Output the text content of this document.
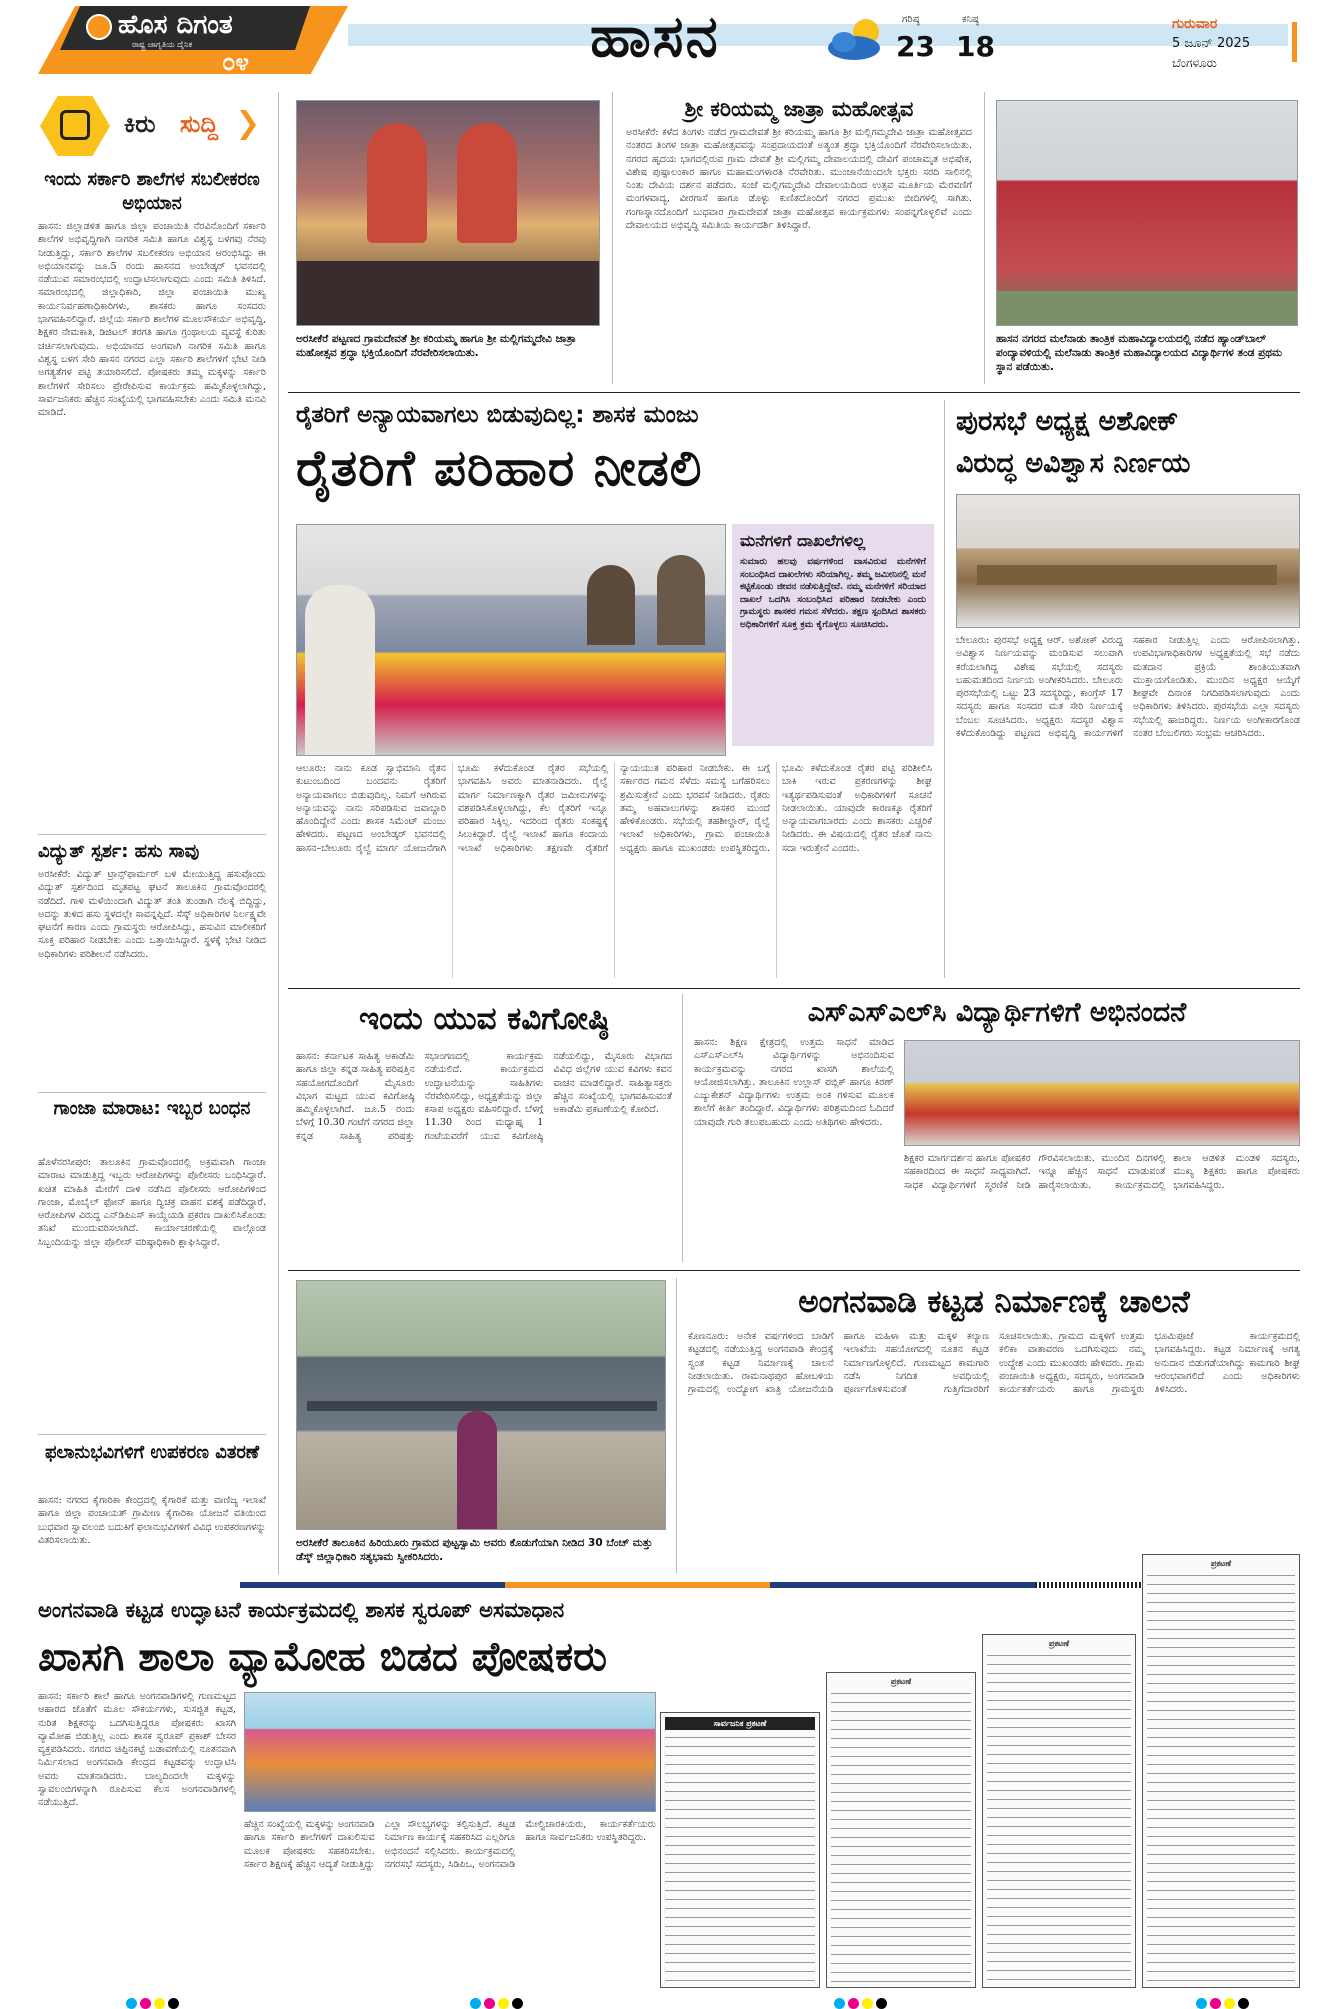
ಹೊಸ ದಿಗಂತ
ರಾಷ್ಟ್ರ ಜಾಗೃತಿಯ ದೈನಿಕ
೦೪	ಹಾಸನ	ಗರಿಷ್ಠ
23
ಕನಿಷ್ಠ
18
ಗುರುವಾರ
5 ಜೂನ್ 2025
ಬೆಂಗಳೂರು
ಕಿರು ಸುದ್ದಿ
ಇಂದು ಸರ್ಕಾರಿ ಶಾಲೆಗಳ ಸಬಲೀಕರಣ ಅಭಿಯಾನ
ಹಾಸನ: ಜಿಲ್ಲಾಡಳಿತ ಹಾಗೂ ಜಿಲ್ಲಾ ಪಂಚಾಯಿತಿ ನೆರವಿನೊಂದಿಗೆ ಸರ್ಕಾರಿ ಶಾಲೆಗಳ ಅಭಿವೃದ್ಧಿಗಾಗಿ ನಾಗರಿಕ ಸಮಿತಿ ಹಾಗೂ ವಿಶ್ವಸ್ಥ ಬಳಗವು ನೆರವು ನೀಡುತ್ತಿದ್ದು, ಸರ್ಕಾರಿ ಶಾಲೆಗಳ ಸಬಲೀಕರಣ ಅಭಿಯಾನ ಆರಂಭಿಸಿದ್ದು ಈ ಅಭಿಯಾನವನ್ನು ಜೂ.5 ರಂದು ಹಾಸನದ ಅಂಬೇಡ್ಕರ್ ಭವನದಲ್ಲಿ ನಡೆಯುವ ಸಮಾರಂಭದಲ್ಲಿ ಉದ್ಘಾಟಿಸಲಾಗುವುದು ಎಂದು ಸಮಿತಿ ತಿಳಿಸಿದೆ. ಸಮಾರಂಭದಲ್ಲಿ ಜಿಲ್ಲಾಧಿಕಾರಿ, ಜಿಲ್ಲಾ ಪಂಚಾಯಿತಿ ಮುಖ್ಯ ಕಾರ್ಯನಿರ್ವಹಣಾಧಿಕಾರಿಗಳು, ಶಾಸಕರು ಹಾಗೂ ಸಂಸದರು ಭಾಗವಹಿಸಲಿದ್ದಾರೆ. ಜಿಲ್ಲೆಯ ಸರ್ಕಾರಿ ಶಾಲೆಗಳ ಮೂಲಸೌಕರ್ಯ ಅಭಿವೃದ್ಧಿ, ಶಿಕ್ಷಕರ ನೇಮಕಾತಿ, ಡಿಜಿಟಲ್ ತರಗತಿ ಹಾಗೂ ಗ್ರಂಥಾಲಯ ವ್ಯವಸ್ಥೆ ಕುರಿತು ಚರ್ಚಿಸಲಾಗುವುದು. ಅಭಿಯಾನದ ಅಂಗವಾಗಿ ನಾಗರಿಕ ಸಮಿತಿ ಹಾಗೂ ವಿಶ್ವಸ್ಥ ಬಳಗ ಸೇರಿ ಹಾಸನ ನಗರದ ಎಲ್ಲಾ ಸರ್ಕಾರಿ ಶಾಲೆಗಳಿಗೆ ಭೇಟಿ ನೀಡಿ ಅಗತ್ಯತೆಗಳ ಪಟ್ಟಿ ತಯಾರಿಸಲಿದೆ. ಪೋಷಕರು ತಮ್ಮ ಮಕ್ಕಳನ್ನು ಸರ್ಕಾರಿ ಶಾಲೆಗಳಿಗೆ ಸೇರಿಸಲು ಪ್ರೇರೇಪಿಸುವ ಕಾರ್ಯಕ್ರಮ ಹಮ್ಮಿಕೊಳ್ಳಲಾಗಿದ್ದು, ಸಾರ್ವಜನಿಕರು ಹೆಚ್ಚಿನ ಸಂಖ್ಯೆಯಲ್ಲಿ ಭಾಗವಹಿಸಬೇಕು ಎಂದು ಸಮಿತಿ ಮನವಿ ಮಾಡಿದೆ.
ವಿದ್ಯುತ್ ಸ್ಪರ್ಶ: ಹಸು ಸಾವು
ಅರಸೀಕೆರೆ: ವಿದ್ಯುತ್ ಟ್ರಾನ್ಸ್‌ಫಾರ್ಮರ್ ಬಳಿ ಮೇಯುತ್ತಿದ್ದ ಹಸುವೊಂದು ವಿದ್ಯುತ್ ಸ್ಪರ್ಶದಿಂದ ಮೃತಪಟ್ಟ ಘಟನೆ ತಾಲೂಕಿನ ಗ್ರಾಮವೊಂದರಲ್ಲಿ ನಡೆದಿದೆ. ಗಾಳಿ ಮಳೆಯಿಂದಾಗಿ ವಿದ್ಯುತ್ ತಂತಿ ತುಂಡಾಗಿ ನೆಲಕ್ಕೆ ಬಿದ್ದಿದ್ದು, ಅದನ್ನು ತುಳಿದ ಹಸು ಸ್ಥಳದಲ್ಲೇ ಸಾವನ್ನಪ್ಪಿದೆ. ಸೆಸ್ಕ್ ಅಧಿಕಾರಿಗಳ ನಿರ್ಲಕ್ಷ್ಯವೇ ಘಟನೆಗೆ ಕಾರಣ ಎಂದು ಗ್ರಾಮಸ್ಥರು ಆರೋಪಿಸಿದ್ದು, ಹಸುವಿನ ಮಾಲೀಕರಿಗೆ ಸೂಕ್ತ ಪರಿಹಾರ ನೀಡಬೇಕು ಎಂದು ಒತ್ತಾಯಿಸಿದ್ದಾರೆ. ಸ್ಥಳಕ್ಕೆ ಭೇಟಿ ನೀಡಿದ ಅಧಿಕಾರಿಗಳು ಪರಿಶೀಲನೆ ನಡೆಸಿದರು.
ಗಾಂಜಾ ಮಾರಾಟ: ಇಬ್ಬರ ಬಂಧನ
ಹೊಳೆನರಸೀಪುರ: ತಾಲೂಕಿನ ಗ್ರಾಮವೊಂದರಲ್ಲಿ ಅಕ್ರಮವಾಗಿ ಗಾಂಜಾ ಮಾರಾಟ ಮಾಡುತ್ತಿದ್ದ ಇಬ್ಬರು ಆರೋಪಿಗಳನ್ನು ಪೊಲೀಸರು ಬಂಧಿಸಿದ್ದಾರೆ. ಖಚಿತ ಮಾಹಿತಿ ಮೇರೆಗೆ ದಾಳಿ ನಡೆಸಿದ ಪೊಲೀಸರು ಆರೋಪಿಗಳಿಂದ ಗಾಂಜಾ, ಮೊಬೈಲ್ ಫೋನ್ ಹಾಗೂ ದ್ವಿಚಕ್ರ ವಾಹನ ವಶಕ್ಕೆ ಪಡೆದಿದ್ದಾರೆ. ಆರೋಪಿಗಳ ವಿರುದ್ಧ ಎನ್‌ಡಿಪಿಎಸ್ ಕಾಯ್ದೆಯಡಿ ಪ್ರಕರಣ ದಾಖಲಿಸಿಕೊಂಡು ತನಿಖೆ ಮುಂದುವರಿಸಲಾಗಿದೆ. ಕಾರ್ಯಾಚರಣೆಯಲ್ಲಿ ಪಾಲ್ಗೊಂಡ ಸಿಬ್ಬಂದಿಯನ್ನು ಜಿಲ್ಲಾ ಪೊಲೀಸ್ ವರಿಷ್ಠಾಧಿಕಾರಿ ಶ್ಲಾಘಿಸಿದ್ದಾರೆ.
ಫಲಾನುಭವಿಗಳಿಗೆ ಉಪಕರಣ ವಿತರಣೆ
ಹಾಸನ: ನಗರದ ಕೈಗಾರಿಕಾ ಕೇಂದ್ರದಲ್ಲಿ ಕೈಗಾರಿಕೆ ಮತ್ತು ವಾಣಿಜ್ಯ ಇಲಾಖೆ ಹಾಗೂ ಜಿಲ್ಲಾ ಪಂಚಾಯತ್ ಗ್ರಾಮೀಣ ಕೈಗಾರಿಕಾ ಯೋಜನೆ ವತಿಯಿಂದ ಬುಧವಾರ ಸ್ವಾವಲಂಬಿ ಬದುಕಿಗೆ ಫಲಾನುಭವಿಗಳಿಗೆ ವಿವಿಧ ಉಪಕರಣಗಳನ್ನು ವಿತರಿಸಲಾಯಿತು.
ಅರಸೀಕೆರೆ ಪಟ್ಟಣದ ಗ್ರಾಮದೇವತೆ ಶ್ರೀ ಕರಿಯಮ್ಮ ಹಾಗೂ ಶ್ರೀ ಮಲ್ಲಿಗಮ್ಮದೇವಿ ಜಾತ್ರಾ ಮಹೋತ್ಸವ ಶ್ರದ್ಧಾ ಭಕ್ತಿಯೊಂದಿಗೆ ನೆರವೇರಿಸಲಾಯಿತು.
ಶ್ರೀ ಕರಿಯಮ್ಮ ಜಾತ್ರಾ ಮಹೋತ್ಸವ
ಅರಸೀಕೆರೆ: ಕಳೆದ ತಿಂಗಳು ನಡೆದ ಗ್ರಾಮದೇವತೆ ಶ್ರೀ ಕರಿಯಮ್ಮ ಹಾಗೂ ಶ್ರೀ ಮಲ್ಲಿಗಮ್ಮದೇವಿ ಜಾತ್ರಾ ಮಹೋತ್ಸವದ ನಂತರದ ತಿಂಗಳ ಜಾತ್ರಾ ಮಹೋತ್ಸವವನ್ನು ಸಂಪ್ರದಾಯದಂತೆ ಅತ್ಯಂತ ಶ್ರದ್ಧಾ ಭಕ್ತಿಯೊಂದಿಗೆ ನೆರವೇರಿಸಲಾಯಿತು. ನಗರದ ಹೃದಯ ಭಾಗದಲ್ಲಿರುವ ಗ್ರಾಮ ದೇವತೆ ಶ್ರೀ ಮಲ್ಲಿಗಮ್ಮ ದೇವಾಲಯದಲ್ಲಿ ದೇವಿಗೆ ಪಂಚಾಮೃತ ಅಭಿಷೇಕ, ವಿಶೇಷ ಪುಷ್ಪಾಲಂಕಾರ ಹಾಗೂ ಮಹಾಮಂಗಳಾರತಿ ನೆರವೇರಿತು. ಮುಂಜಾನೆಯಿಂದಲೇ ಭಕ್ತರು ಸರದಿ ಸಾಲಿನಲ್ಲಿ ನಿಂತು ದೇವಿಯ ದರ್ಶನ ಪಡೆದರು. ಸಂಜೆ ಮಲ್ಲಿಗಮ್ಮದೇವಿ ದೇವಾಲಯದಿಂದ ಉತ್ಸವ ಮೂರ್ತಿಯ ಮೆರವಣಿಗೆ ಮಂಗಳವಾದ್ಯ, ವೀರಗಾಸೆ ಹಾಗೂ ಡೊಳ್ಳು ಕುಣಿತದೊಂದಿಗೆ ನಗರದ ಪ್ರಮುಖ ಬೀದಿಗಳಲ್ಲಿ ಸಾಗಿತು. ಗಂಗಾಸ್ನಾನದೊಂದಿಗೆ ಬುಧವಾರ ಗ್ರಾಮದೇವತೆ ಜಾತ್ರಾ ಮಹೋತ್ಸವ ಕಾರ್ಯಕ್ರಮಗಳು ಸಂಪನ್ನಗೊಳ್ಳಲಿವೆ ಎಂದು ದೇವಾಲಯದ ಅಭಿವೃದ್ಧಿ ಸಮಿತಿಯ ಕಾರ್ಯದರ್ಶಿ ತಿಳಿಸಿದ್ದಾರೆ.
ಹಾಸನ ನಗರದ ಮಲೆನಾಡು ತಾಂತ್ರಿಕ ಮಹಾವಿದ್ಯಾಲಯದಲ್ಲಿ ನಡೆದ ಹ್ಯಾಂಡ್‌ಬಾಲ್ ಪಂದ್ಯಾವಳಿಯಲ್ಲಿ ಮಲೆನಾಡು ತಾಂತ್ರಿಕ ಮಹಾವಿದ್ಯಾಲಯದ ವಿದ್ಯಾರ್ಥಿಗಳ ತಂಡ ಪ್ರಥಮ ಸ್ಥಾನ ಪಡೆಯಿತು.
ರೈತರಿಗೆ ಅನ್ಯಾಯವಾಗಲು ಬಿಡುವುದಿಲ್ಲ: ಶಾಸಕ ಮಂಜು
ರೈತರಿಗೆ ಪರಿಹಾರ ನೀಡಲಿ
ಮನೆಗಳಿಗೆ ದಾಖಲೆಗಳಿಲ್ಲ
ಸುಮಾರು ಹಲವು ವರ್ಷಗಳಿಂದ ವಾಸವಿರುವ ಮನೆಗಳಿಗೆ ಸಂಬಂಧಿಸಿದ ದಾಖಲೆಗಳು ಸರಿಯಾಗಿಲ್ಲ. ತಮ್ಮ ಜಮೀನಿನಲ್ಲಿ ಮನೆ ಕಟ್ಟಿಕೊಂಡು ಜೀವನ ನಡೆಸುತ್ತಿದ್ದೇವೆ. ನಮ್ಮ ಮನೆಗಳಿಗೆ ಸರಿಯಾದ ದಾಖಲೆ ಒದಗಿಸಿ ಸಂಬಂಧಿಸಿದ ಪರಿಹಾರ ನೀಡಬೇಕು ಎಂದು ಗ್ರಾಮಸ್ಥರು ಶಾಸಕರ ಗಮನ ಸೆಳೆದರು. ತಕ್ಷಣ ಸ್ಪಂದಿಸಿದ ಶಾಸಕರು ಅಧಿಕಾರಿಗಳಿಗೆ ಸೂಕ್ತ ಕ್ರಮ ಕೈಗೊಳ್ಳಲು ಸೂಚಿಸಿದರು.
ಆಲೂರು: ನಾನು ಕೂಡ ಸ್ವಾಭಿಮಾನಿ ರೈತನ ಕುಟುಂಬದಿಂದ ಬಂದವನು ರೈತರಿಗೆ ಅನ್ಯಾಯವಾಗಲು ಬಿಡುವುದಿಲ್ಲ. ನಿಮಗೆ ಆಗಿರುವ ಅನ್ಯಾಯವನ್ನು ನಾನು ಸರಿಪಡಿಸುವ ಜವಾಬ್ದಾರಿ ಹೊಂದಿದ್ದೇನೆ ಎಂದು ಶಾಸಕ ಸಿಮೆಂಟ್ ಮಂಜು ಹೇಳಿದರು. ಪಟ್ಟಣದ ಅಂಬೇಡ್ಕರ್ ಭವನದಲ್ಲಿ ಹಾಸನ–ಬೇಲೂರು ರೈಲ್ವೆ ಮಾರ್ಗ ಯೋಜನೆಗಾಗಿ ಭೂಮಿ ಕಳೆದುಕೊಂಡ ರೈತರ ಸಭೆಯಲ್ಲಿ ಭಾಗವಹಿಸಿ ಅವರು ಮಾತನಾಡಿದರು. ರೈಲ್ವೆ ಮಾರ್ಗ ನಿರ್ಮಾಣಕ್ಕಾಗಿ ರೈತರ ಜಮೀನುಗಳನ್ನು ವಶಪಡಿಸಿಕೊಳ್ಳಲಾಗಿದ್ದು, ಕೆಲ ರೈತರಿಗೆ ಇನ್ನೂ ಪರಿಹಾರ ಸಿಕ್ಕಿಲ್ಲ. ಇದರಿಂದ ರೈತರು ಸಂಕಷ್ಟಕ್ಕೆ ಸಿಲುಕಿದ್ದಾರೆ. ರೈಲ್ವೆ ಇಲಾಖೆ ಹಾಗೂ ಕಂದಾಯ ಇಲಾಖೆ ಅಧಿಕಾರಿಗಳು ತಕ್ಷಣವೇ ರೈತರಿಗೆ ನ್ಯಾಯಯುತ ಪರಿಹಾರ ನೀಡಬೇಕು. ಈ ಬಗ್ಗೆ ಸರ್ಕಾರದ ಗಮನ ಸೆಳೆದು ಸಮಸ್ಯೆ ಬಗೆಹರಿಸಲು ಶ್ರಮಿಸುತ್ತೇನೆ ಎಂದು ಭರವಸೆ ನೀಡಿದರು. ರೈತರು ತಮ್ಮ ಅಹವಾಲುಗಳನ್ನು ಶಾಸಕರ ಮುಂದೆ ಹೇಳಿಕೊಂಡರು. ಸಭೆಯಲ್ಲಿ ತಹಶೀಲ್ದಾರ್, ರೈಲ್ವೆ ಇಲಾಖೆ ಅಧಿಕಾರಿಗಳು, ಗ್ರಾಮ ಪಂಚಾಯಿತಿ ಅಧ್ಯಕ್ಷರು ಹಾಗೂ ಮುಖಂಡರು ಉಪಸ್ಥಿತರಿದ್ದರು. ಭೂಮಿ ಕಳೆದುಕೊಂಡ ರೈತರ ಪಟ್ಟಿ ಪರಿಶೀಲಿಸಿ ಬಾಕಿ ಇರುವ ಪ್ರಕರಣಗಳನ್ನು ಶೀಘ್ರ ಇತ್ಯರ್ಥಪಡಿಸುವಂತೆ ಅಧಿಕಾರಿಗಳಿಗೆ ಸೂಚನೆ ನೀಡಲಾಯಿತು. ಯಾವುದೇ ಕಾರಣಕ್ಕೂ ರೈತರಿಗೆ ಅನ್ಯಾಯವಾಗಬಾರದು ಎಂದು ಶಾಸಕರು ಎಚ್ಚರಿಕೆ ನೀಡಿದರು. ಈ ವಿಷಯದಲ್ಲಿ ರೈತರ ಜೊತೆ ನಾನು ಸದಾ ಇರುತ್ತೇನೆ ಎಂದರು.
ಪುರಸಭೆ ಅಧ್ಯಕ್ಷ ಅಶೋಕ್
ವಿರುದ್ಧ ಅವಿಶ್ವಾಸ ನಿರ್ಣಯ
ಬೇಲೂರು: ಪುರಸಭೆ ಅಧ್ಯಕ್ಷ ಆರ್. ಅಶೋಕ್ ವಿರುದ್ಧ ಅವಿಶ್ವಾಸ ನಿರ್ಣಯವನ್ನು ಮಂಡಿಸುವ ಸಲುವಾಗಿ ಕರೆಯಲಾಗಿದ್ದ ವಿಶೇಷ ಸಭೆಯಲ್ಲಿ ಸದಸ್ಯರು ಬಹುಮತದಿಂದ ನಿರ್ಣಯ ಅಂಗೀಕರಿಸಿದರು. ಬೇಲೂರು ಪುರಸಭೆಯಲ್ಲಿ ಒಟ್ಟು 23 ಸದಸ್ಯರಿದ್ದು, ಕಾಂಗ್ರೆಸ್ 17 ಸದಸ್ಯರು ಹಾಗೂ ಸಂಸದರ ಮತ ಸೇರಿ ನಿರ್ಣಯಕ್ಕೆ ಬೆಂಬಲ ಸೂಚಿಸಿದರು. ಅಧ್ಯಕ್ಷರು ಸದಸ್ಯರ ವಿಶ್ವಾಸ ಕಳೆದುಕೊಂಡಿದ್ದು ಪಟ್ಟಣದ ಅಭಿವೃದ್ಧಿ ಕಾರ್ಯಗಳಿಗೆ ಸಹಕಾರ ನೀಡುತ್ತಿಲ್ಲ ಎಂದು ಆರೋಪಿಸಲಾಗಿತ್ತು. ಉಪವಿಭಾಗಾಧಿಕಾರಿಗಳ ಅಧ್ಯಕ್ಷತೆಯಲ್ಲಿ ಸಭೆ ನಡೆದು ಮತದಾನ ಪ್ರಕ್ರಿಯೆ ಶಾಂತಿಯುತವಾಗಿ ಮುಕ್ತಾಯಗೊಂಡಿತು. ಮುಂದಿನ ಅಧ್ಯಕ್ಷರ ಆಯ್ಕೆಗೆ ಶೀಘ್ರವೇ ದಿನಾಂಕ ನಿಗದಿಪಡಿಸಲಾಗುವುದು ಎಂದು ಅಧಿಕಾರಿಗಳು ತಿಳಿಸಿದರು. ಪುರಸಭೆಯ ಎಲ್ಲಾ ಸದಸ್ಯರು ಸಭೆಯಲ್ಲಿ ಹಾಜರಿದ್ದರು. ನಿರ್ಣಯ ಅಂಗೀಕಾರಗೊಂಡ ನಂತರ ಬೆಂಬಲಿಗರು ಸಂಭ್ರಮ ಆಚರಿಸಿದರು.
ಇಂದು ಯುವ ಕವಿಗೋಷ್ಠಿ
ಹಾಸನ: ಕರ್ನಾಟಕ ಸಾಹಿತ್ಯ ಅಕಾಡೆಮಿ ಹಾಗೂ ಜಿಲ್ಲಾ ಕನ್ನಡ ಸಾಹಿತ್ಯ ಪರಿಷತ್ತಿನ ಸಹಯೋಗದೊಂದಿಗೆ ಮೈಸೂರು ವಿಭಾಗ ಮಟ್ಟದ ಯುವ ಕವಿಗೋಷ್ಠಿ ಹಮ್ಮಿಕೊಳ್ಳಲಾಗಿದೆ. ಜೂ.5 ರಂದು ಬೆಳಗ್ಗೆ 10.30 ಗಂಟೆಗೆ ನಗರದ ಜಿಲ್ಲಾ ಕನ್ನಡ ಸಾಹಿತ್ಯ ಪರಿಷತ್ತು ಸಭಾಂಗಣದಲ್ಲಿ ಕಾರ್ಯಕ್ರಮ ನಡೆಯಲಿದೆ. ಕಾರ್ಯಕ್ರಮದ ಉದ್ಘಾಟನೆಯನ್ನು ಸಾಹಿತಿಗಳು ನೆರವೇರಿಸಲಿದ್ದು, ಅಧ್ಯಕ್ಷತೆಯನ್ನು ಜಿಲ್ಲಾ ಕಸಾಪ ಅಧ್ಯಕ್ಷರು ವಹಿಸಲಿದ್ದಾರೆ. ಬೆಳಗ್ಗೆ 11.30 ರಿಂದ ಮಧ್ಯಾಹ್ನ 1 ಗಂಟೆಯವರೆಗೆ ಯುವ ಕವಿಗೋಷ್ಠಿ ನಡೆಯಲಿದ್ದು, ಮೈಸೂರು ವಿಭಾಗದ ವಿವಿಧ ಜಿಲ್ಲೆಗಳ ಯುವ ಕವಿಗಳು ಕವನ ವಾಚನ ಮಾಡಲಿದ್ದಾರೆ. ಸಾಹಿತ್ಯಾಸಕ್ತರು ಹೆಚ್ಚಿನ ಸಂಖ್ಯೆಯಲ್ಲಿ ಭಾಗವಹಿಸುವಂತೆ ಅಕಾಡೆಮಿ ಪ್ರಕಟಣೆಯಲ್ಲಿ ಕೋರಿದೆ.
ಎಸ್‌ಎಸ್‌ಎಲ್‌ಸಿ ವಿದ್ಯಾರ್ಥಿಗಳಿಗೆ ಅಭಿನಂದನೆ
ಹಾಸನ: ಶಿಕ್ಷಣ ಕ್ಷೇತ್ರದಲ್ಲಿ ಉತ್ತಮ ಸಾಧನೆ ಮಾಡಿದ ಎಸ್‌ಎಸ್‌ಎಲ್‌ಸಿ ವಿದ್ಯಾರ್ಥಿಗಳನ್ನು ಅಭಿನಂದಿಸುವ ಕಾರ್ಯಕ್ರಮವನ್ನು ನಗರದ ಖಾಸಗಿ ಶಾಲೆಯಲ್ಲಿ ಆಯೋಜಿಸಲಾಗಿತ್ತು. ತಾಲೂಕಿನ ಉಲ್ಲಾಸ್ ಪಬ್ಲಿಕ್ ಹಾಗೂ ಕಿರಣ್ ಎಜ್ಯುಕೇಶನ್ ವಿದ್ಯಾರ್ಥಿಗಳು ಉತ್ತಮ ಅಂಕ ಗಳಿಸುವ ಮೂಲಕ ಶಾಲೆಗೆ ಕೀರ್ತಿ ತಂದಿದ್ದಾರೆ. ವಿದ್ಯಾರ್ಥಿಗಳು ಪರಿಶ್ರಮದಿಂದ ಓದಿದರೆ ಯಾವುದೇ ಗುರಿ ತಲುಪಬಹುದು ಎಂದು ಅತಿಥಿಗಳು ಹೇಳಿದರು.
ಶಿಕ್ಷಕರ ಮಾರ್ಗದರ್ಶನ ಹಾಗೂ ಪೋಷಕರ ಸಹಕಾರದಿಂದ ಈ ಸಾಧನೆ ಸಾಧ್ಯವಾಗಿದೆ. ಸಾಧಕ ವಿದ್ಯಾರ್ಥಿಗಳಿಗೆ ಸ್ಮರಣಿಕೆ ನೀಡಿ ಗೌರವಿಸಲಾಯಿತು. ಮುಂದಿನ ದಿನಗಳಲ್ಲಿ ಇನ್ನೂ ಹೆಚ್ಚಿನ ಸಾಧನೆ ಮಾಡುವಂತೆ ಹಾರೈಸಲಾಯಿತು. ಕಾರ್ಯಕ್ರಮದಲ್ಲಿ ಶಾಲಾ ಆಡಳಿತ ಮಂಡಳಿ ಸದಸ್ಯರು, ಮುಖ್ಯ ಶಿಕ್ಷಕರು ಹಾಗೂ ಪೋಷಕರು ಭಾಗವಹಿಸಿದ್ದರು.
ಅರಸೀಕೆರೆ ತಾಲೂಕಿನ ಹಿರಿಯೂರು ಗ್ರಾಮದ ಪುಟ್ಟಸ್ವಾಮಿ ಅವರು ಕೊಡುಗೆಯಾಗಿ ನೀಡಿದ 30 ಬೆಂಚ್ ಮತ್ತು ಡೆಸ್ಕ್ ಜಿಲ್ಲಾಧಿಕಾರಿ ಸತ್ಯಭಾಮ ಸ್ವೀಕರಿಸಿದರು.
ಅಂಗನವಾಡಿ ಕಟ್ಟಡ ನಿರ್ಮಾಣಕ್ಕೆ ಚಾಲನೆ
ಕೊಣನೂರು: ಅನೇಕ ವರ್ಷಗಳಿಂದ ಬಾಡಿಗೆ ಕಟ್ಟಡದಲ್ಲಿ ನಡೆಯುತ್ತಿದ್ದ ಅಂಗನವಾಡಿ ಕೇಂದ್ರಕ್ಕೆ ಸ್ವಂತ ಕಟ್ಟಡ ನಿರ್ಮಾಣಕ್ಕೆ ಚಾಲನೆ ನೀಡಲಾಯಿತು. ರಾಮನಾಥಪುರ ಹೋಬಳಿಯ ಗ್ರಾಮದಲ್ಲಿ ಉದ್ಯೋಗ ಖಾತ್ರಿ ಯೋಜನೆಯಡಿ ಹಾಗೂ ಮಹಿಳಾ ಮತ್ತು ಮಕ್ಕಳ ಕಲ್ಯಾಣ ಇಲಾಖೆಯ ಸಹಯೋಗದಲ್ಲಿ ನೂತನ ಕಟ್ಟಡ ನಿರ್ಮಾಣಗೊಳ್ಳಲಿದೆ. ಗುಣಮಟ್ಟದ ಕಾಮಗಾರಿ ನಡೆಸಿ ನಿಗದಿತ ಅವಧಿಯಲ್ಲಿ ಪೂರ್ಣಗೊಳಿಸುವಂತೆ ಗುತ್ತಿಗೆದಾರರಿಗೆ ಸೂಚಿಸಲಾಯಿತು. ಗ್ರಾಮದ ಮಕ್ಕಳಿಗೆ ಉತ್ತಮ ಕಲಿಕಾ ವಾತಾವರಣ ಒದಗಿಸುವುದು ನಮ್ಮ ಉದ್ದೇಶ ಎಂದು ಮುಖಂಡರು ಹೇಳಿದರು. ಗ್ರಾಮ ಪಂಚಾಯಿತಿ ಅಧ್ಯಕ್ಷರು, ಸದಸ್ಯರು, ಅಂಗನವಾಡಿ ಕಾರ್ಯಕರ್ತೆಯರು ಹಾಗೂ ಗ್ರಾಮಸ್ಥರು ಭೂಮಿಪೂಜೆ ಕಾರ್ಯಕ್ರಮದಲ್ಲಿ ಭಾಗವಹಿಸಿದ್ದರು. ಕಟ್ಟಡ ನಿರ್ಮಾಣಕ್ಕೆ ಅಗತ್ಯ ಅನುದಾನ ಬಿಡುಗಡೆಯಾಗಿದ್ದು ಕಾಮಗಾರಿ ಶೀಘ್ರ ಆರಂಭವಾಗಲಿದೆ ಎಂದು ಅಧಿಕಾರಿಗಳು ತಿಳಿಸಿದರು.
ಅಂಗನವಾಡಿ ಕಟ್ಟಡ ಉದ್ಘಾಟನೆ ಕಾರ್ಯಕ್ರಮದಲ್ಲಿ ಶಾಸಕ ಸ್ವರೂಪ್ ಅಸಮಾಧಾನ
ಖಾಸಗಿ ಶಾಲಾ ವ್ಯಾಮೋಹ ಬಿಡದ ಪೋಷಕರು
ಹಾಸನ: ಸರ್ಕಾರಿ ಶಾಲೆ ಹಾಗೂ ಅಂಗನವಾಡಿಗಳಲ್ಲಿ ಗುಣಮಟ್ಟದ ಆಹಾರದ ಜೊತೆಗೆ ಮೂಲ ಸೌಕರ್ಯಗಳು, ಸುಸಜ್ಜಿತ ಕಟ್ಟಡ, ನುರಿತ ಶಿಕ್ಷಕರನ್ನು ಒದಗಿಸುತ್ತಿದ್ದರೂ ಪೋಷಕರು ಖಾಸಗಿ ವ್ಯಾಮೋಹ ಬಿಡುತ್ತಿಲ್ಲ ಎಂದು ಶಾಸಕ ಸ್ವರೂಪ್ ಪ್ರಕಾಶ್ ಬೇಸರ ವ್ಯಕ್ತಪಡಿಸಿದರು. ನಗರದ ಚಿಪ್ಪಿನಕಟ್ಟೆ ಬಡಾವಣೆಯಲ್ಲಿ ನೂತನವಾಗಿ ನಿರ್ಮಿಸಲಾದ ಅಂಗನವಾಡಿ ಕೇಂದ್ರದ ಕಟ್ಟಡವನ್ನು ಉದ್ಘಾಟಿಸಿ ಅವರು ಮಾತನಾಡಿದರು. ಬಾಲ್ಯದಿಂದಲೇ ಮಕ್ಕಳನ್ನು ಸ್ವಾವಲಂಬಿಗಳನ್ನಾಗಿ ರೂಪಿಸುವ ಕೆಲಸ ಅಂಗನವಾಡಿಗಳಲ್ಲಿ ನಡೆಯುತ್ತಿದೆ.
ಹೆಚ್ಚಿನ ಸಂಖ್ಯೆಯಲ್ಲಿ ಮಕ್ಕಳನ್ನು ಅಂಗನವಾಡಿ ಹಾಗೂ ಸರ್ಕಾರಿ ಶಾಲೆಗಳಿಗೆ ದಾಖಲಿಸುವ ಮೂಲಕ ಪೋಷಕರು ಸಹಕರಿಸಬೇಕು. ಸರ್ಕಾರ ಶಿಕ್ಷಣಕ್ಕೆ ಹೆಚ್ಚಿನ ಆದ್ಯತೆ ನೀಡುತ್ತಿದ್ದು ಎಲ್ಲಾ ಸೌಲಭ್ಯಗಳನ್ನು ಕಲ್ಪಿಸುತ್ತಿದೆ. ಕಟ್ಟಡ ನಿರ್ಮಾಣ ಕಾರ್ಯಕ್ಕೆ ಸಹಕರಿಸಿದ ಎಲ್ಲರಿಗೂ ಅಭಿನಂದನೆ ಸಲ್ಲಿಸಿದರು. ಕಾರ್ಯಕ್ರಮದಲ್ಲಿ ನಗರಸಭೆ ಸದಸ್ಯರು, ಸಿಡಿಪಿಒ, ಅಂಗನವಾಡಿ ಮೇಲ್ವಿಚಾರಕಿಯರು, ಕಾರ್ಯಕರ್ತೆಯರು ಹಾಗೂ ಸಾರ್ವಜನಿಕರು ಉಪಸ್ಥಿತರಿದ್ದರು.
ಸಾರ್ವಜನಿಕ ಪ್ರಕಟಣೆ
ಪ್ರಕಟಣೆ
ಪ್ರಕಟಣೆ
ಪ್ರಕಟಣೆ
